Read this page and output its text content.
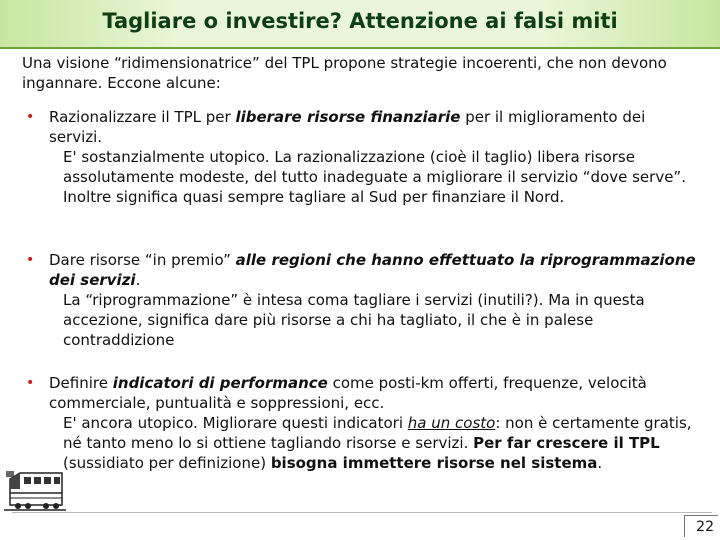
Tagliare o investire? Attenzione ai falsi miti
Una visione “ridimensionatrice” del TPL propone strategie incoerenti, che non devono ingannare. Eccone alcune:
• Razionalizzare il TPL per liberare risorse finanziarie per il miglioramento dei servizi.
E' sostanzialmente utopico. La razionalizzazione (cioè il taglio) libera risorse assolutamente modeste, del tutto inadeguate a migliorare il servizio “dove serve”. Inoltre significa quasi sempre tagliare al Sud per finanziare il Nord.
• Dare risorse “in premio” alle regioni che hanno effettuato la riprogrammazione dei servizi.
La “riprogrammazione” è intesa coma tagliare i servizi (inutili?). Ma in questa accezione, significa dare più risorse a chi ha tagliato, il che è in palese contraddizione
• Definire indicatori di performance come posti-km offerti, frequenze, velocità commerciale, puntualità e soppressioni, ecc.
E' ancora utopico. Migliorare questi indicatori ha un costo: non è certamente gratis, né tanto meno lo si ottiene tagliando risorse e servizi. Per far crescere il TPL (sussidiato per definizione) bisogna immettere risorse nel sistema.
22
